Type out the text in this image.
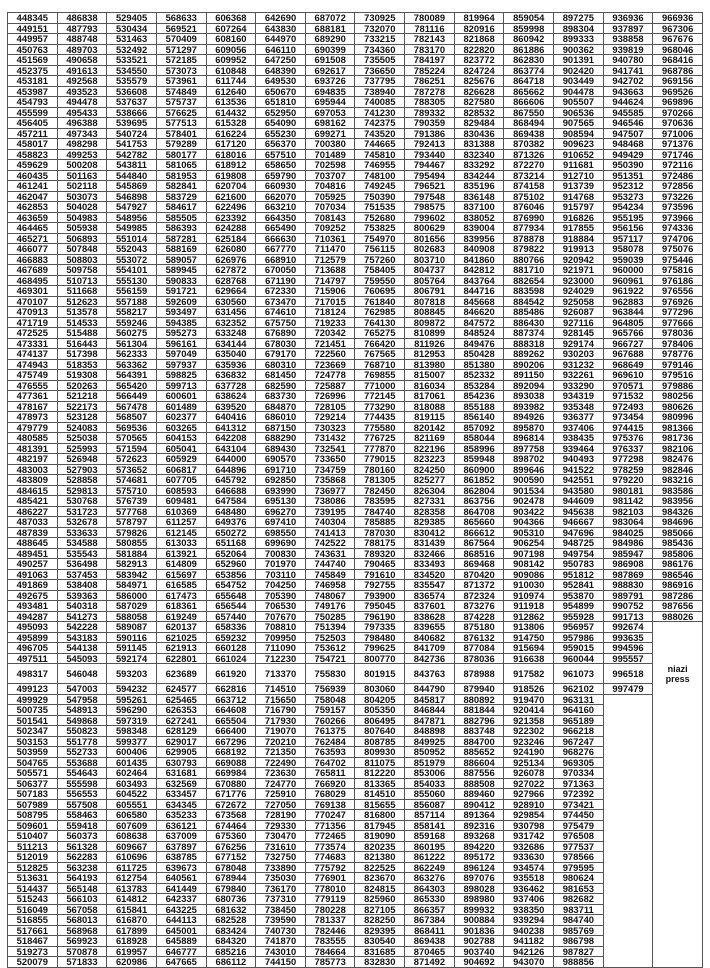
448345	486838	529405	568633	606368	642690	687072	730925	780089	819964	859054	897275	936936	966936
449151	487793	530434	569521	607264	643830	688181	732070	781116	820916	859998	898304	937897	967306
449957	488748	531463	570409	608160	644970	689290	733215	782143	821868	860942	899333	938858	967676
450763	489703	532492	571297	609056	646110	690399	734360	783170	822820	861886	900362	939819	968046
451569	490658	533521	572185	609952	647250	691508	735505	784197	823772	862830	901391	940780	968416
452375	491613	534550	573073	610848	648390	692617	736650	785224	824724	863774	902420	941741	968786
453181	492568	535579	573961	611744	649530	693726	737795	786251	825676	864718	903449	942702	969156
453987	493523	536608	574849	612640	650670	694835	738940	787278	826628	865662	904478	943663	969526
454793	494478	537637	575737	613536	651810	695944	740085	788305	827580	866606	905507	944624	969896
455599	495433	538666	576625	614432	652950	697053	741230	789332	828532	867550	906536	945585	970266
456405	496388	539695	577513	615328	654090	698162	742375	790359	829484	868494	907565	946546	970636
457211	497343	540724	578401	616224	655230	699271	743520	791386	830436	869438	908594	947507	971006
458017	498298	541753	579289	617120	656370	700380	744665	792413	831388	870382	909623	948468	971376
458823	499253	542782	580177	618016	657510	701489	745810	793440	832340	871326	910652	949429	971746
459629	500208	543811	581065	618912	658650	702598	746955	794467	833292	872270	911681	950390	972116
460435	501163	544840	581953	619808	659790	703707	748100	795494	834244	873214	912710	951351	972486
461241	502118	545869	582841	620704	660930	704816	749245	796521	835196	874158	913739	952312	972856
462047	503073	546898	583729	621600	662070	705925	750390	797548	836148	875102	914768	953273	973226
462853	504028	547927	584617	622496	663210	707034	751535	798575	837100	876046	915797	954234	973596
463659	504983	548956	585505	623392	664350	708143	752680	799602	838052	876990	916826	955195	973966
464465	505938	549985	586393	624288	665490	709252	753825	800629	839004	877934	917855	956156	974336
465271	506893	551014	587281	625184	666630	710361	754970	801656	839956	878878	918884	957117	974706
466077	507848	552043	588169	626080	667770	711470	756115	802683	840908	879822	919913	958078	975076
466883	508803	553072	589057	626976	668910	712579	757260	803710	841860	880766	920942	959039	975446
467689	509758	554101	589945	627872	670050	713688	758405	804737	842812	881710	921971	960000	975816
468495	510713	555130	590833	628768	671190	714797	759550	805764	843764	882654	923000	960961	976186
469301	511668	556159	591721	629664	672330	715906	760695	806791	844716	883598	924029	961922	976556
470107	512623	557188	592609	630560	673470	717015	761840	807818	845668	884542	925058	962883	976926
470913	513578	558217	593497	631456	674610	718124	762985	808845	846620	885486	926087	963844	977296
471719	514533	559246	594385	632352	675750	719233	764130	809872	847572	886430	927116	964805	977666
472525	515488	560275	595273	633248	676890	720342	765275	810899	848524	887374	928145	965766	978036
473331	516443	561304	596161	634144	678030	721451	766420	811926	849476	888318	929174	966727	978406
474137	517398	562333	597049	635040	679170	722560	767565	812953	850428	889262	930203	967688	978776
474943	518353	563362	597937	635936	680310	723669	768710	813980	851380	890206	931232	968649	979146
475749	519308	564391	598825	636832	681450	724778	769855	815007	852332	891150	932261	969610	979516
476555	520263	565420	599713	637728	682590	725887	771000	816034	853284	892094	933290	970571	979886
477361	521218	566449	600601	638624	683730	726996	772145	817061	854236	893038	934319	971532	980256
478167	522173	567478	601489	639520	684870	728105	773290	818088	855188	893982	935348	972493	980626
478973	523128	568507	602377	640416	686010	729214	774435	819115	856140	894926	936377	973454	980996
479779	524083	569536	603265	641312	687150	730323	775580	820142	857092	895870	937406	974415	981366
480585	525038	570565	604153	642208	688290	731432	776725	821169	858044	896814	938435	975376	981736
481391	525993	571594	605041	643104	689430	732541	777870	822196	858996	897758	939464	976337	982106
482197	526948	572623	605929	644000	690570	733650	779015	823223	859948	898702	940493	977298	982476
483003	527903	573652	606817	644896	691710	734759	780160	824250	860900	899646	941522	978259	982846
483809	528858	574681	607705	645792	692850	735868	781305	825277	861852	900590	942551	979220	983216
484615	529813	575710	608593	646688	693990	736977	782450	826304	862804	901534	943580	980181	983586
485421	530768	576739	609481	647584	695130	738086	783595	827331	863756	902478	944609	981142	983956
486227	531723	577768	610369	648480	696270	739195	784740	828358	864708	903422	945638	982103	984326
487033	532678	578797	611257	649376	697410	740304	785885	829385	865660	904366	946667	983064	984696
487839	533633	579826	612145	650272	698550	741413	787030	830412	866612	905310	947696	984025	985066
488645	534588	580855	613033	651168	699690	742522	788175	831439	867564	906254	948725	984986	985436
489451	535543	581884	613921	652064	700830	743631	789320	832466	868516	907198	949754	985947	985806
490257	536498	582913	614809	652960	701970	744740	790465	833493	869468	908142	950783	986908	986176
491063	537453	583942	615697	653856	703110	745849	791610	834520	870420	909086	951812	987869	986546
491869	538408	584971	616585	654752	704250	746958	792755	835547	871372	910030	952841	988830	986916
492675	539363	586000	617473	655648	705390	748067	793900	836574	872324	910974	953870	989791	987286
493481	540318	587029	618361	656544	706530	749176	795045	837601	873276	911918	954899	990752	987656
494287	541273	588058	619249	657440	707670	750285	796190	838628	874228	912862	955928	991713	988026
495093	542228	589087	620137	658336	708810	751394	797335	839655	875180	913806	956957	992674	
495899	543183	590116	621025	659232	709950	752503	798480	840682	876132	914750	957986	993635	
496705	544138	591145	621913	660128	711090	753612	799625	841709	877084	915694	959015	994596	
497511	545093	592174	622801	661024	712230	754721	800770	842736	878036	916638	960044	995557	
498317	546048	593203	623689	661920	713370	755830	801915	843763	878988	917582	961073	996518	niazi
press
499123	547003	594232	624577	662816	714510	756939	803060	844790	879940	918526	962102	997479	
499929	547958	595261	625465	663712	715650	758048	804205	845817	880892	919470	963131		
500735	548913	596290	626353	664608	716790	759157	805350	846844	881844	920414	964160		
501541	549868	597319	627241	665504	717930	760266	806495	847871	882796	921358	965189		
502347	550823	598348	628129	666400	719070	761375	807640	848898	883748	922302	966218		
503153	551778	599377	629017	667296	720210	762484	808785	849925	884700	923246	967247		
503959	552733	600406	629905	668192	721350	763593	809930	850952	885652	924190	968276		
504765	553688	601435	630793	669088	722490	764702	811075	851979	886604	925134	969305		
505571	554643	602464	631681	669984	723630	765811	812220	853006	887556	926078	970334		
506377	555598	603493	632569	670880	724770	766920	813365	854033	888508	927022	971363		
507183	556553	604522	633457	671776	725910	768029	814510	855060	889460	927966	972392		
507989	557508	605551	634345	672672	727050	769138	815655	856087	890412	928910	973421		
508795	558463	606580	635233	673568	728190	770247	816800	857114	891364	929854	974450		
509601	559418	607609	636121	674464	729330	771356	817945	858141	892316	930798	975479		
510407	560373	608638	637009	675360	730470	772465	819090	859168	893268	931742	976508		
511213	561328	609667	637897	676256	731610	773574	820235	860195	894220	932686	977537		
512019	562283	610696	638785	677152	732750	774683	821380	861222	895172	933630	978566		
512825	563238	611725	639673	678048	733890	775792	822525	862249	896124	934574	979595		
513631	564193	612754	640561	678944	735030	776901	823670	863276	897076	935518	980624		
514437	565148	613783	641449	679840	736170	778010	824815	864303	898028	936462	981653		
515243	566103	614812	642337	680736	737310	779119	825960	865330	898980	937406	982682		
516049	567058	615841	643225	681632	738450	780228	827105	866357	899932	938350	983711		
516855	568013	616870	644113	682528	739590	781337	828250	867384	900884	939294	984740		
517661	568968	617899	645001	683424	740730	782446	829395	868411	901836	940238	985769		
518467	569923	618928	645889	684320	741870	783555	830540	869438	902788	941182	986798		
519273	570878	619957	646777	685216	743010	784664	831685	870465	903740	942126	987827		
520079	571833	620986	647665	686112	744150	785773	832830	871492	904692	943070	988856		
